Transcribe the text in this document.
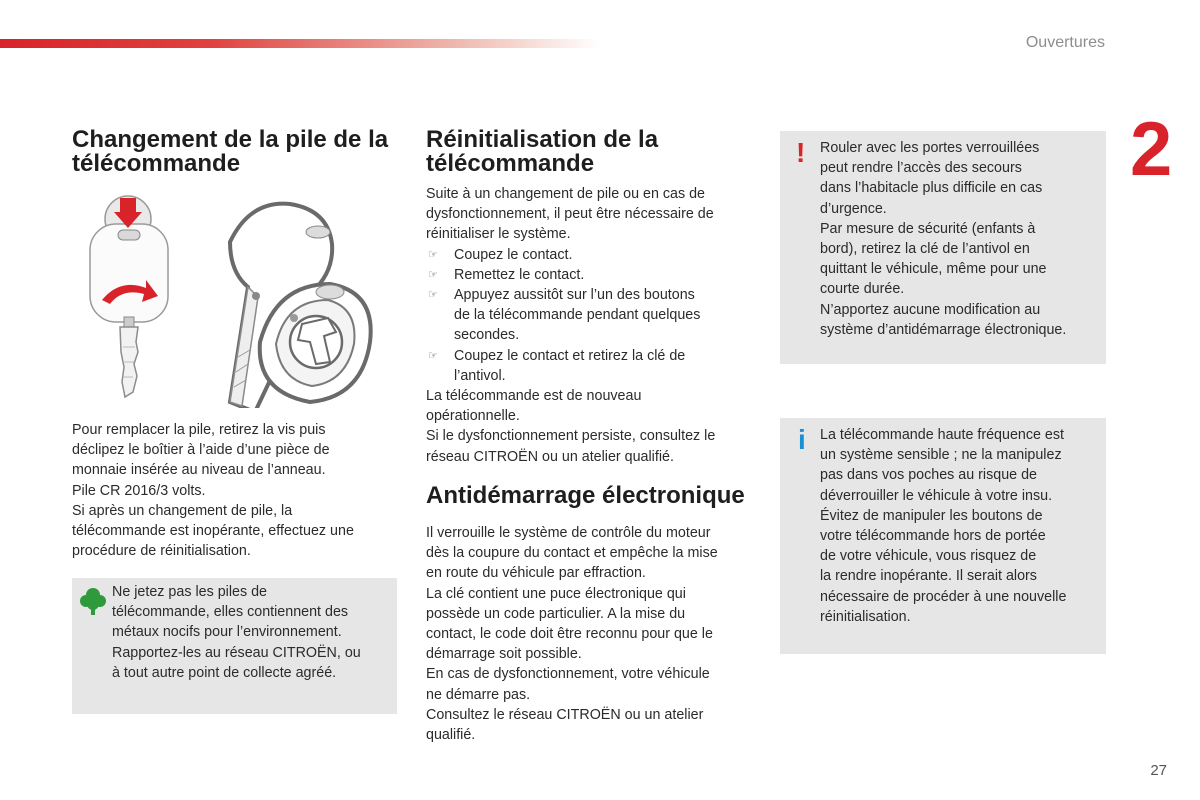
Ouvertures
2
27
Changement de la pile de la
télécommande

Pour remplacer la pile, retirez la vis puis

déclipez le boîtier à l’aide d’une pièce de

monnaie insérée au niveau de l’anneau.

Pile CR 2016/3 volts.

Si après un changement de pile, la

télécommande est inopérante, effectuez une

procédure de réinitialisation.

Ne jetez pas les piles de
télécommande, elles contiennent des
métaux nocifs pour l’environnement.
Rapportez-les au réseau CITROËN, ou
à tout autre point de collecte agréé.
Réinitialisation de la
télécommande

Suite à un changement de pile ou en cas de

dysfonctionnement, il peut être nécessaire de

réinitialiser le système.

☞ Coupez le contact.
☞ Remettez le contact.
☞ Appuyez aussitôt sur l’un des boutons
de la télécommande pendant quelques
secondes.
☞ Coupez le contact et retirez la clé de
l’antivol.

La télécommande est de nouveau

opérationnelle.

Si le dysfonctionnement persiste, consultez le

réseau CITROËN ou un atelier qualifié.

Antidémarrage électronique

Il verrouille le système de contrôle du moteur

dès la coupure du contact et empêche la mise

en route du véhicule par effraction.

La clé contient une puce électronique qui

possède un code particulier. A la mise du

contact, le code doit être reconnu pour que le

démarrage soit possible.

En cas de dysfonctionnement, votre véhicule

ne démarre pas.

Consultez le réseau CITROËN ou un atelier

qualifié.

! Rouler avec les portes verrouillées
peut rendre l’accès des secours
dans l’habitacle plus difficile en cas
d’urgence.
Par mesure de sécurité (enfants à
bord), retirez la clé de l’antivol en
quittant le véhicule, même pour une
courte durée.
N’apportez aucune modification au
système d’antidémarrage électronique.
i La télécommande haute fréquence est
un système sensible ; ne la manipulez
pas dans vos poches au risque de
déverrouiller le véhicule à votre insu.
Évitez de manipuler les boutons de
votre télécommande hors de portée
de votre véhicule, vous risquez de
la rendre inopérante. Il serait alors
nécessaire de procéder à une nouvelle
réinitialisation.
